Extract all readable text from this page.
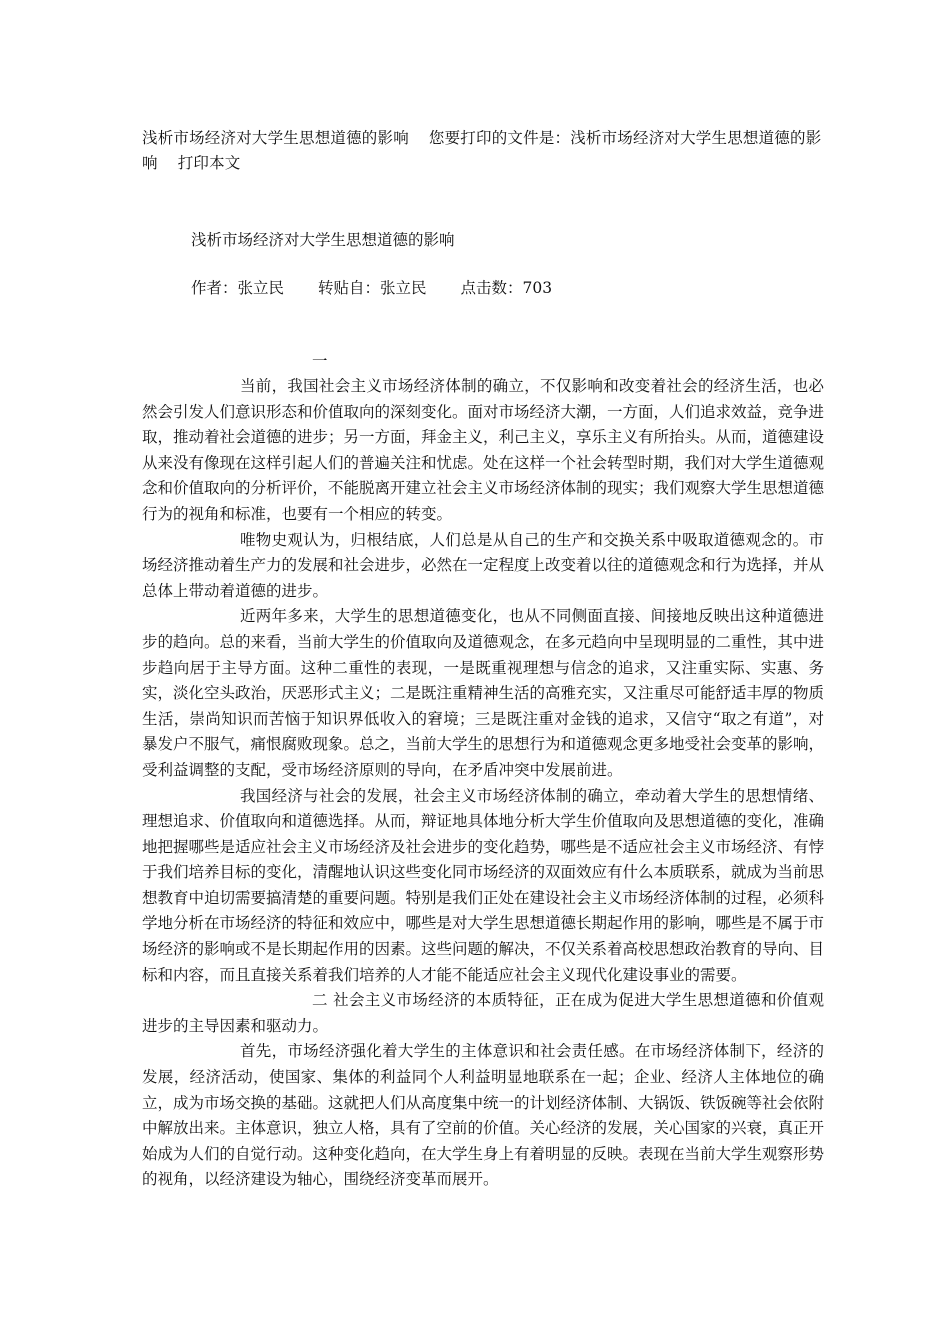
浅析市场经济对大学生思想道德的影响 您要打印的文件是：浅析市场经济对大学生思想道德的影响 打印本文
浅析市场经济对大学生思想道德的影响
作者：张立民 转贴自：张立民 点击数：703
一

当前，我国社会主义市场经济体制的确立，不仅影响和改变着社会的经济生活，也必然会引发人们意识形态和价值取向的深刻变化。面对市场经济大潮，一方面，人们追求效益，竞争进取，推动着社会道德的进步；另一方面，拜金主义，利己主义，享乐主义有所抬头。从而，道德建设从来没有像现在这样引起人们的普遍关注和忧虑。处在这样一个社会转型时期，我们对大学生道德观念和价值取向的分析评价，不能脱离开建立社会主义市场经济体制的现实；我们观察大学生思想道德行为的视角和标准，也要有一个相应的转变。

唯物史观认为，归根结底，人们总是从自己的生产和交换关系中吸取道德观念的。市场经济推动着生产力的发展和社会进步，必然在一定程度上改变着以往的道德观念和行为选择，并从总体上带动着道德的进步。

近两年多来，大学生的思想道德变化，也从不同侧面直接、间接地反映出这种道德进步的趋向。总的来看，当前大学生的价值取向及道德观念，在多元趋向中呈现明显的二重性，其中进步趋向居于主导方面。这种二重性的表现，一是既重视理想与信念的追求，又注重实际、实惠、务实，淡化空头政治，厌恶形式主义；二是既注重精神生活的高雅充实，又注重尽可能舒适丰厚的物质生活，崇尚知识而苦恼于知识界低收入的窘境；三是既注重对金钱的追求，又信守“取之有道”，对暴发户不服气，痛恨腐败现象。总之，当前大学生的思想行为和道德观念更多地受社会变革的影响，受利益调整的支配，受市场经济原则的导向，在矛盾冲突中发展前进。

我国经济与社会的发展，社会主义市场经济体制的确立，牵动着大学生的思想情绪、理想追求、价值取向和道德选择。从而，辩证地具体地分析大学生价值取向及思想道德的变化，准确地把握哪些是适应社会主义市场经济及社会进步的变化趋势，哪些是不适应社会主义市场经济、有悖于我们培养目标的变化，清醒地认识这些变化同市场经济的双面效应有什么本质联系，就成为当前思想教育中迫切需要搞清楚的重要问题。特别是我们正处在建设社会主义市场经济体制的过程，必须科学地分析在市场经济的特征和效应中，哪些是对大学生思想道德长期起作用的影响，哪些是不属于市场经济的影响或不是长期起作用的因素。这些问题的解决，不仅关系着高校思想政治教育的导向、目标和内容，而且直接关系着我们培养的人才能不能适应社会主义现代化建设事业的需要。

二 社会主义市场经济的本质特征，正在成为促进大学生思想道德和价值观进步的主导因素和驱动力。

首先，市场经济强化着大学生的主体意识和社会责任感。在市场经济体制下，经济的发展，经济活动，使国家、集体的利益同个人利益明显地联系在一起；企业、经济人主体地位的确立，成为市场交换的基础。这就把人们从高度集中统一的计划经济体制、大锅饭、铁饭碗等社会依附中解放出来。主体意识，独立人格，具有了空前的价值。关心经济的发展，关心国家的兴衰，真正开始成为人们的自觉行动。这种变化趋向，在大学生身上有着明显的反映。表现在当前大学生观察形势的视角，以经济建设为轴心，围绕经济变革而展开。
